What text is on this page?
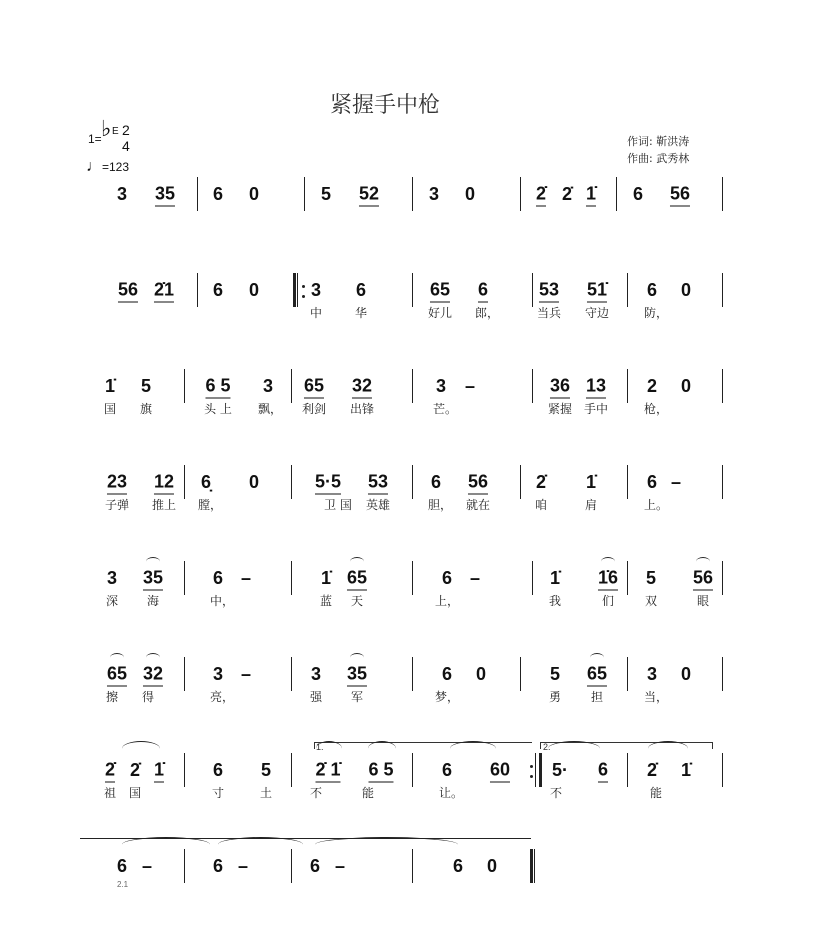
紧握手中枪
1= ♭ E 2
4
♩=123
作词: 靳洪涛
作曲: 武秀林
1.	2.
2.1
3 35 6 0	5 52	3 0	2̇ 2̇ 1̇ 6 56
56 2̇1 6 0	3 6	65 6	53 51̇ 6 0
中	华	好儿 郎，	当兵 守边	防，
1̇ 5	6 5 3 65 32	3 –	36 13 2 0
国 旗	头 上 飘， 利剑 出锋	芒。	紧握 手中	枪，
23 12 6̣ 0	5·5 53 6 56	2̇ 1̇	6 –
子弹 推上 膛，	卫 国 英雄	胆， 就在	咱	肩	上。
3 35	6 –	1̇ 65	6 –	1̇ 1̇6 5 56
深 海	中，	蓝 天	上，	我	们	双	眼
65 32	3 –	3 35	6 0	5 65 3 0
擦 得	亮，	强 军	梦，	勇 担	当，
2̇ 2̇ 1̇	6 5 2̇ 1̇ 6 5	6 60 5· 6 2̇ 1̇
祖 国	寸	土	不	能	让。	不	能
6 –	6 –	6 –	6 0
